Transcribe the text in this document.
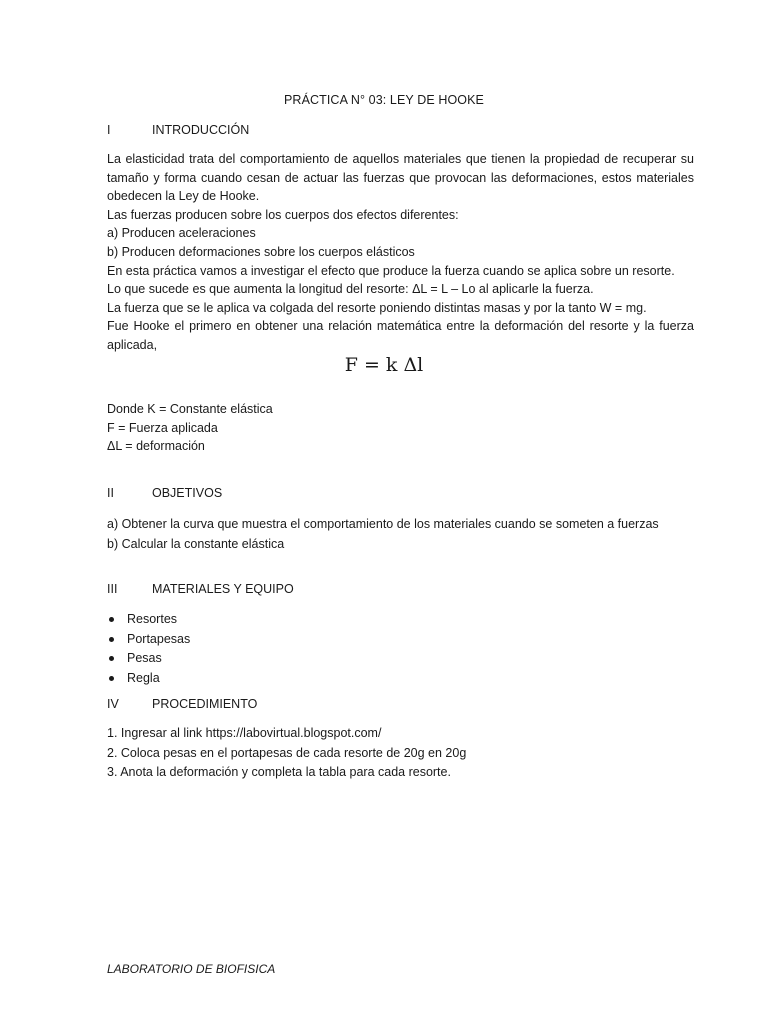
PRÁCTICA N° 03: LEY DE HOOKE
I	INTRODUCCIÓN

La elasticidad trata del comportamiento de aquellos materiales que tienen la propiedad de recuperar su tamaño y forma cuando cesan de actuar las fuerzas que provocan las deformaciones, estos materiales obedecen la Ley de Hooke.

Las fuerzas producen sobre los cuerpos dos efectos diferentes:

a) Producen aceleraciones

b) Producen deformaciones sobre los cuerpos elásticos

En esta práctica vamos a investigar el efecto que produce la fuerza cuando se aplica sobre un resorte.

Lo que sucede es que aumenta la longitud del resorte: ΔL = L – Lo al aplicarle la fuerza.

La fuerza que se le aplica va colgada del resorte poniendo distintas masas y por la tanto W = mg.

Fue Hooke el primero en obtener una relación matemática entre la deformación del resorte y la fuerza aplicada,

F = k Δl

Donde K = Constante elástica

F = Fuerza aplicada

ΔL = deformación

II	OBJETIVOS

a) Obtener la curva que muestra el comportamiento de los materiales cuando se someten a fuerzas

b) Calcular la constante elástica

III	MATERIALES Y EQUIPO
Resortes
Portapesas
Pesas
Regla
IV	PROCEDIMIENTO

1. Ingresar al link https://labovirtual.blogspot.com/

2. Coloca pesas en el portapesas de cada resorte de 20g en 20g

3. Anota la deformación y completa la tabla para cada resorte.

LABORATORIO DE BIOFISICA
